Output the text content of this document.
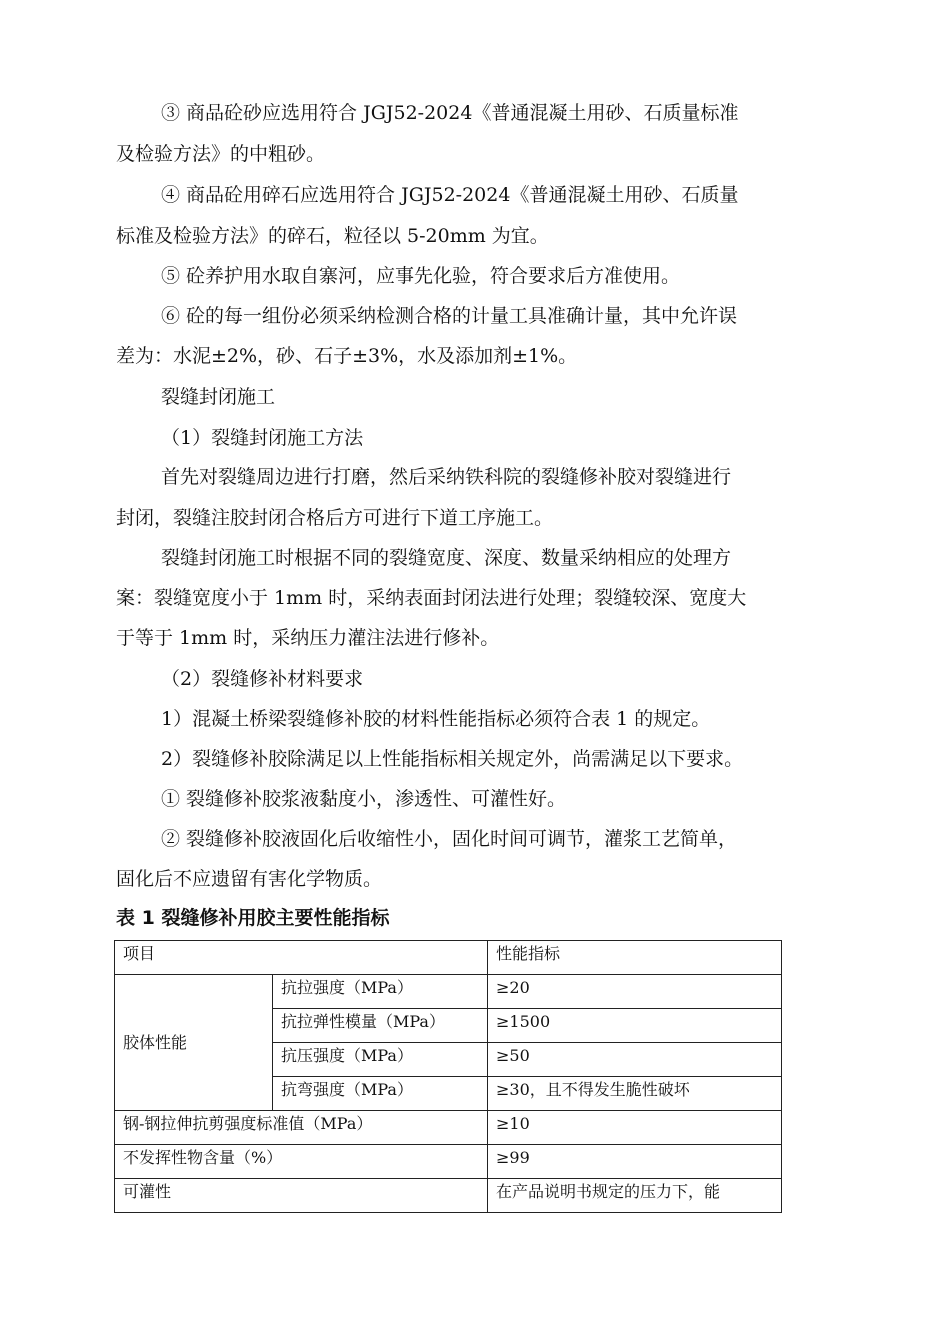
③ 商品砼砂应选用符合 JGJ52-2024《普通混凝土用砂、石质量标准
及检验方法》的中粗砂。
④ 商品砼用碎石应选用符合 JGJ52-2024《普通混凝土用砂、石质量
标准及检验方法》的碎石，粒径以 5-20mm 为宜。
⑤ 砼养护用水取自寨河，应事先化验，符合要求后方准使用。
⑥ 砼的每一组份必须采纳检测合格的计量工具准确计量，其中允许误
差为：水泥±2%，砂、石子±3%，水及添加剂±1%。
裂缝封闭施工
（1）裂缝封闭施工方法
首先对裂缝周边进行打磨，然后采纳铁科院的裂缝修补胶对裂缝进行
封闭，裂缝注胶封闭合格后方可进行下道工序施工。
裂缝封闭施工时根据不同的裂缝宽度、深度、数量采纳相应的处理方
案：裂缝宽度小于 1mm 时，采纳表面封闭法进行处理；裂缝较深、宽度大
于等于 1mm 时，采纳压力灌注法进行修补。
（2）裂缝修补材料要求
1）混凝土桥梁裂缝修补胶的材料性能指标必须符合表 1 的规定。
2）裂缝修补胶除满足以上性能指标相关规定外，尚需满足以下要求。
① 裂缝修补胶浆液黏度小，渗透性、可灌性好。
② 裂缝修补胶液固化后收缩性小，固化时间可调节，灌浆工艺简单，
固化后不应遗留有害化学物质。
表 1 裂缝修补用胶主要性能指标
项目		性能指标
胶体性能	抗拉强度（MPa）	≥20
	抗拉弹性模量（MPa）	≥1500
	抗压强度（MPa）	≥50
	抗弯强度（MPa）	≥30，且不得发生脆性破坏
钢-钢拉伸抗剪强度标准值（MPa）		≥10
不发挥性物含量（%）		≥99
可灌性		在产品说明书规定的压力下，能
